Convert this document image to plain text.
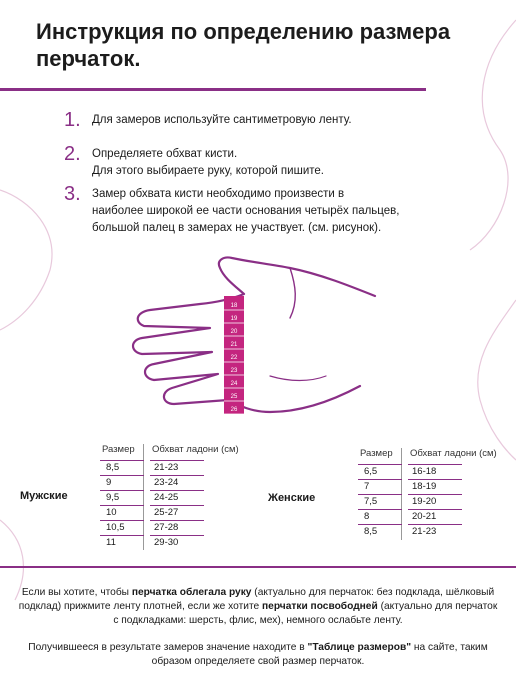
Инструкция по определению размера перчаток.
1. Для замеров используйте сантиметровую ленту.
2. Определяете обхват кисти.
Для этого выбираете руку, которой пишите.
3. Замер обхвата кисти необходимо произвести в
наиболее широкой ее части основания четырёх пальцев,
большой палец в замерах не участвует. (см. рисунок).
18
19
20
21
22
23
24
25
26
Мужские
Размер Обхват ладони (см)
8,5	21-23
9	23-24
9,5	24-25
10	25-27
10,5	27-28
11	29-30
Женские
Размер Обхват ладони (см)
6,5	16-18
7	18-19
7,5	19-20
8	20-21
8,5	21-23

Если вы хотите, чтобы перчатка облегала руку (актуально для перчаток: без подклада, шёлковый подклад) прижмите ленту плотней, если же хотите перчатки посвободней (актуально для перчаток с подкладками: шерсть, флис, мех), немного ослабьте ленту.

Получившееся в результате замеров значение находите в "Таблице размеров" на сайте, таким образом определяете свой размер перчаток.
